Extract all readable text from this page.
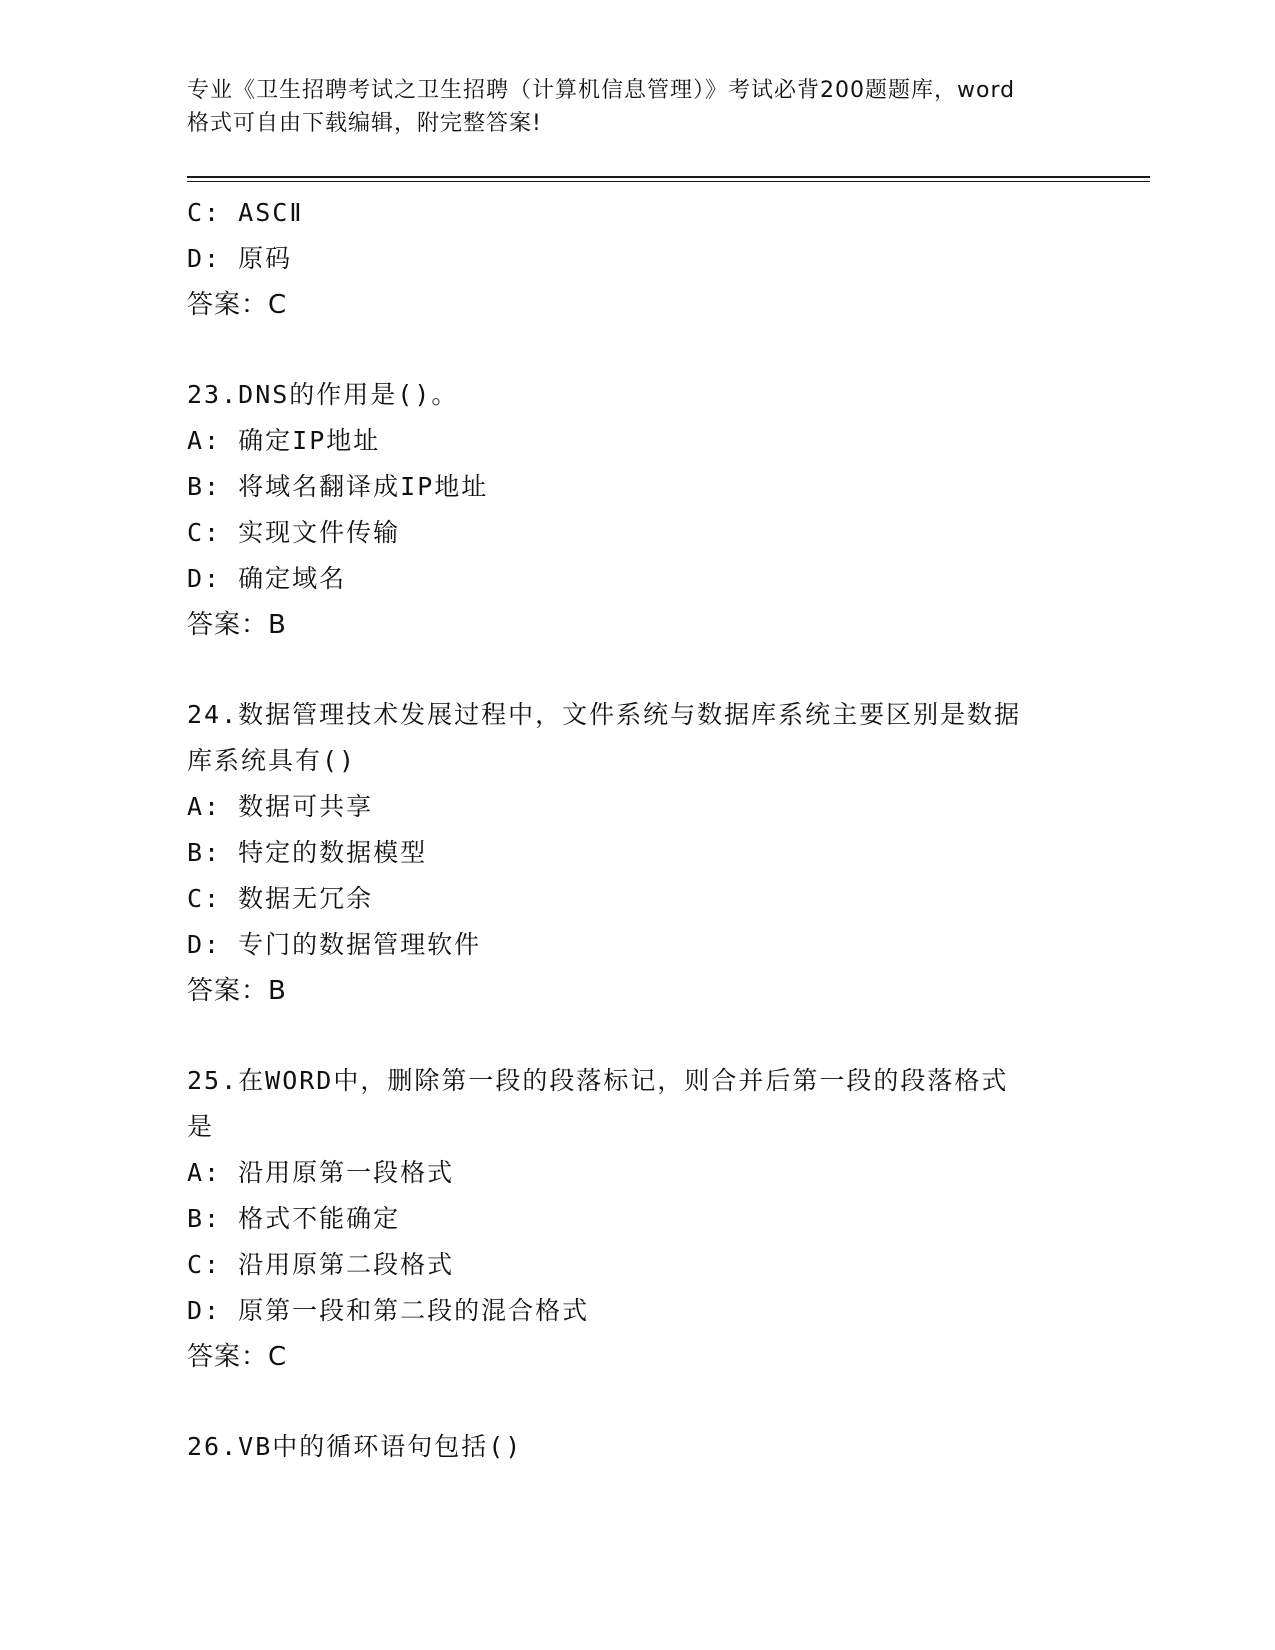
专业《卫生招聘考试之卫生招聘（计算机信息管理）》考试必背200题题库，word
格式可自由下载编辑，附完整答案!
C: ASCⅡ
D: 原码
答案：C
23.DNS的作用是()。
A: 确定IP地址
B: 将域名翻译成IP地址
C: 实现文件传输
D: 确定域名
答案：B
24.数据管理技术发展过程中，文件系统与数据库系统主要区别是数据
库系统具有()
A: 数据可共享
B: 特定的数据模型
C: 数据无冗余
D: 专门的数据管理软件
答案：B
25.在WORD中，删除第一段的段落标记，则合并后第一段的段落格式
是
A: 沿用原第一段格式
B: 格式不能确定
C: 沿用原第二段格式
D: 原第一段和第二段的混合格式
答案：C
26.VB中的循环语句包括()
